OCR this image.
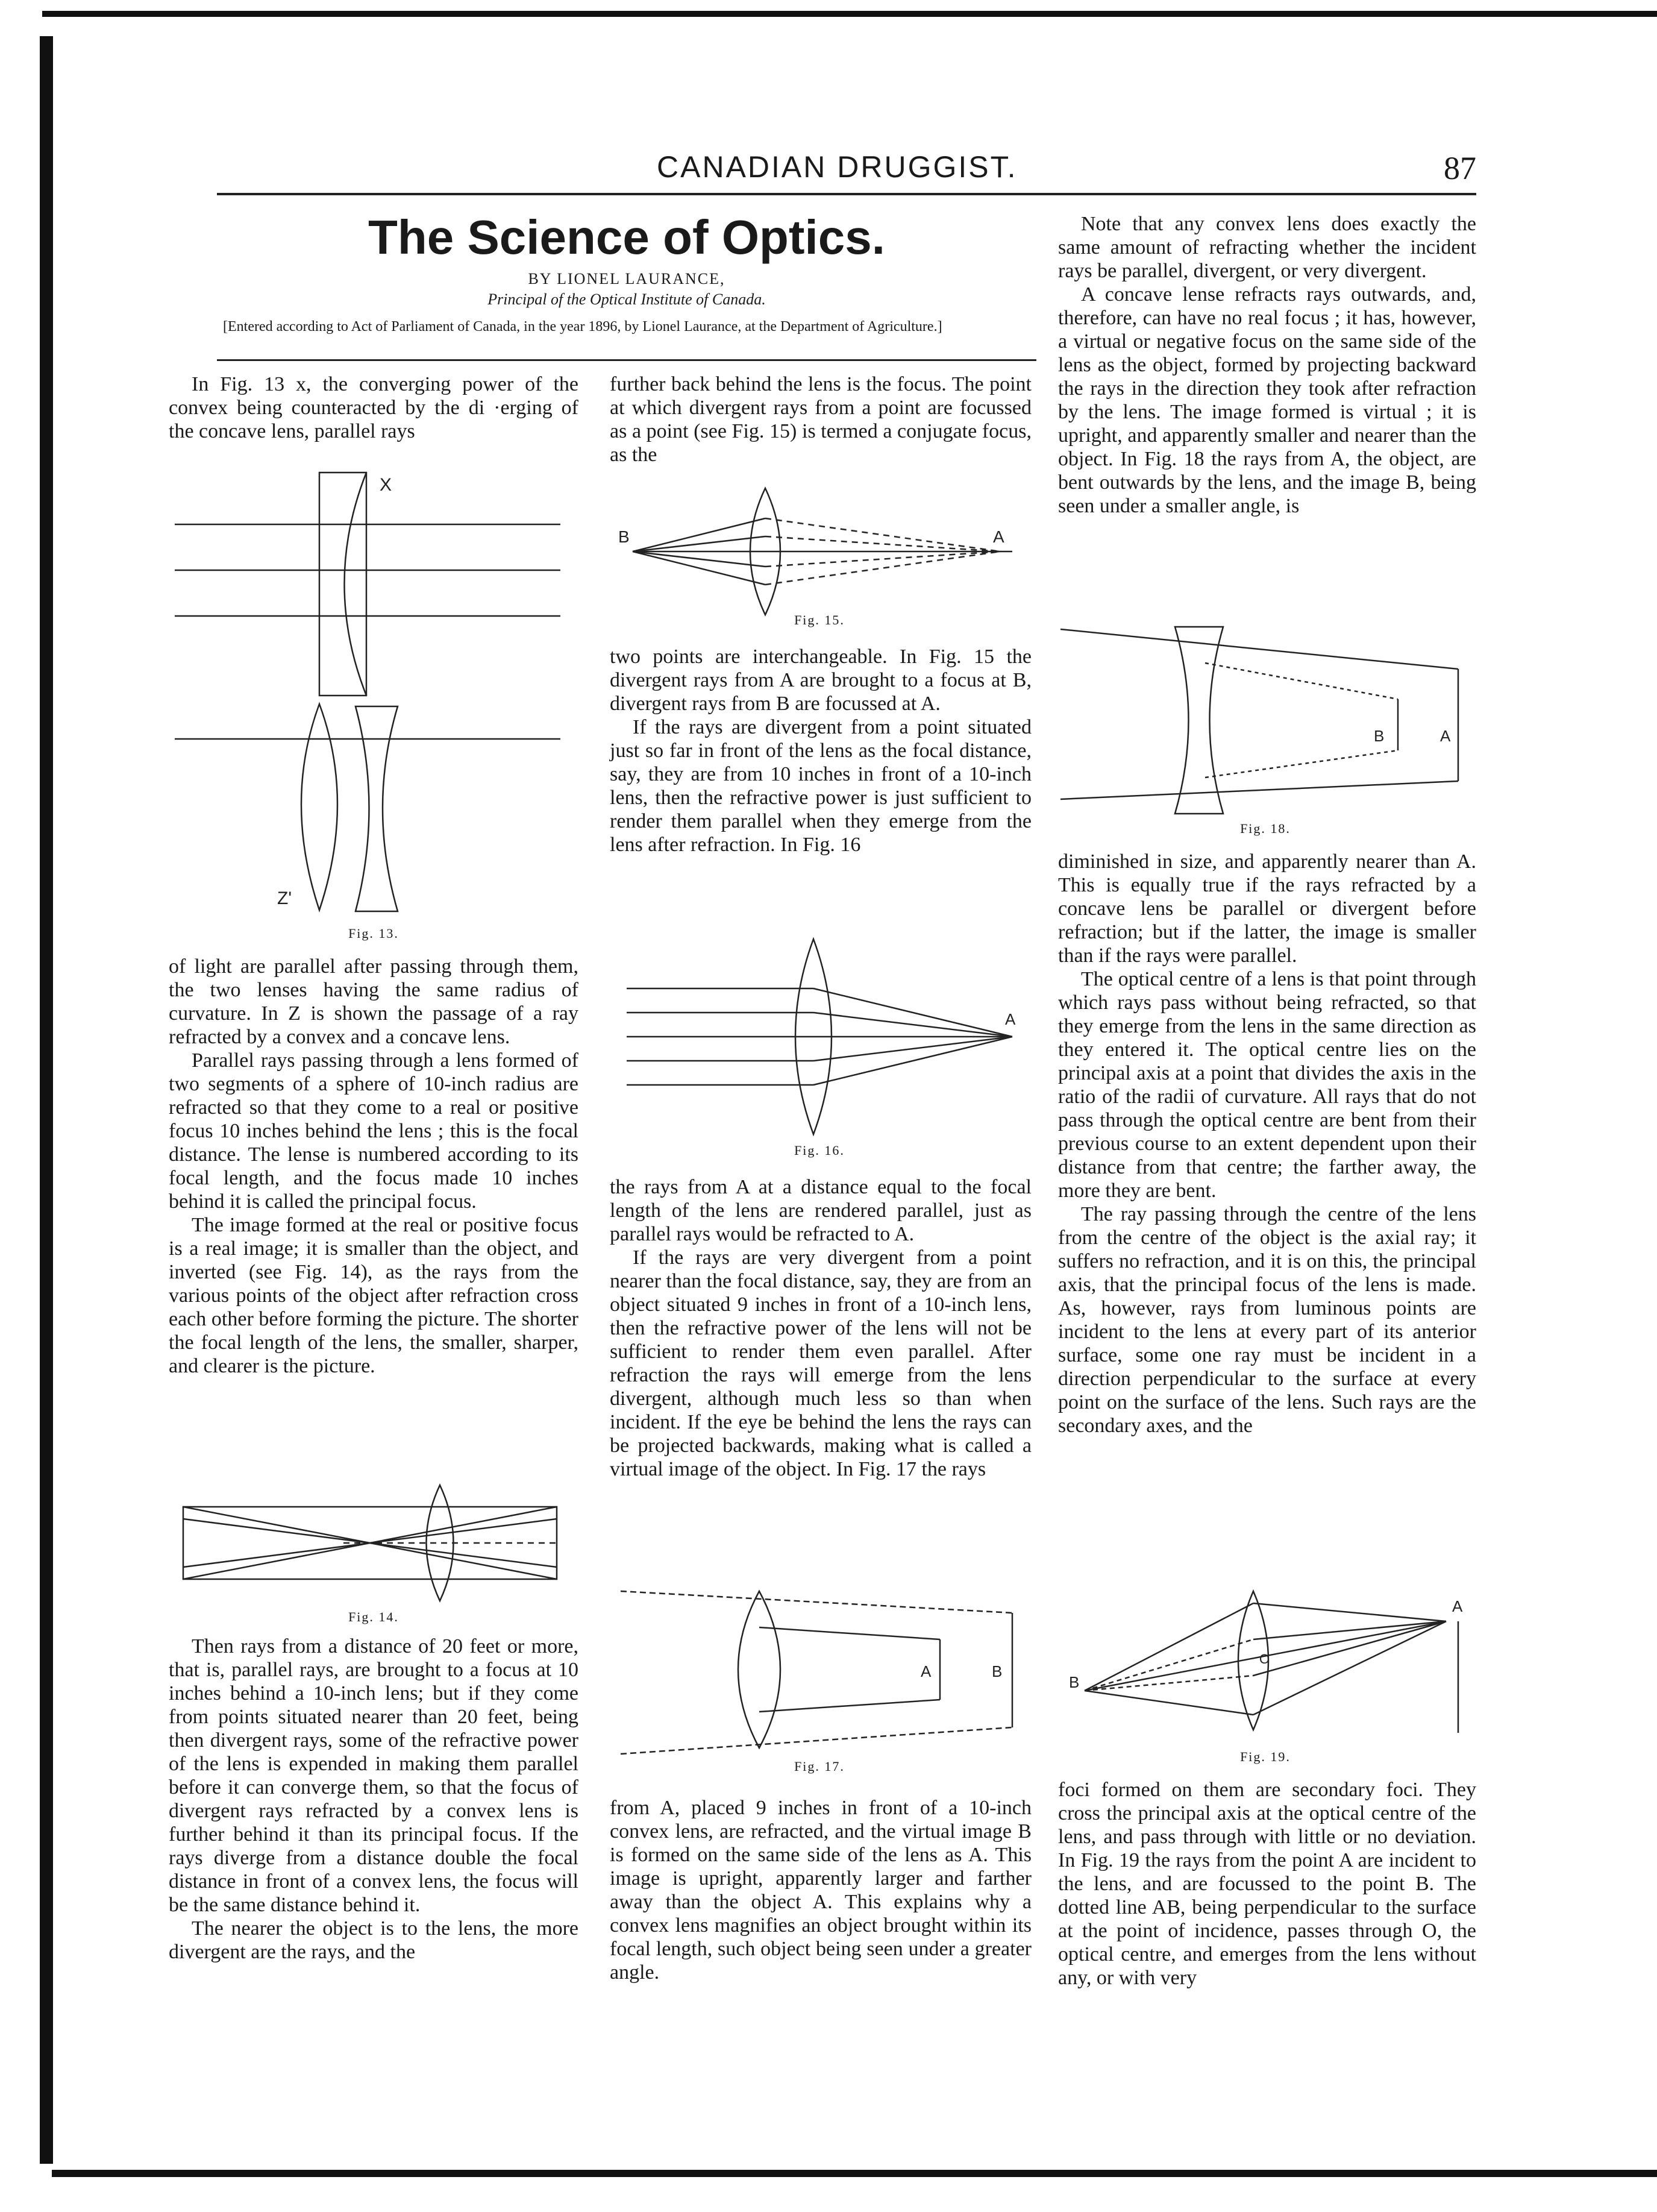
CANADIAN DRUGGIST.	87
The Science of Optics.
BY LIONEL LAURANCE,
Principal of the Optical Institute of Canada.
[Entered according to Act of Parliament of Canada, in the year 1896, by Lionel Laurance, at the Department of Agriculture.]

In Fig. 13 x, the converging power of the convex being counteracted by the di ·erging of the concave lens, parallel rays

X
Z'
Fig. 13.

of light are parallel after passing through them, the two lenses having the same radius of curvature. In Z is shown the passage of a ray refracted by a convex and a concave lens.

Parallel rays passing through a lens formed of two segments of a sphere of 10-inch radius are refracted so that they come to a real or positive focus 10 inches behind the lens ; this is the focal distance. The lense is numbered according to its focal length, and the focus made 10 inches behind it is called the principal focus.

The image formed at the real or positive focus is a real image; it is smaller than the object, and inverted (see Fig. 14), as the rays from the various points of the object after refraction cross each other before forming the picture. The shorter the focal length of the lens, the smaller, sharper, and clearer is the picture.

Fig. 14.

Then rays from a distance of 20 feet or more, that is, parallel rays, are brought to a focus at 10 inches behind a 10-inch lens; but if they come from points situated nearer than 20 feet, being then divergent rays, some of the refractive power of the lens is expended in making them parallel before it can converge them, so that the focus of divergent rays refracted by a convex lens is further behind it than its principal focus. If the rays diverge from a distance double the focal distance in front of a convex lens, the focus will be the same distance behind it.

The nearer the object is to the lens, the more divergent are the rays, and the

further back behind the lens is the focus. The point at which divergent rays from a point are focussed as a point (see Fig. 15) is termed a conjugate focus, as the

B	A
Fig. 15.

two points are interchangeable. In Fig. 15 the divergent rays from A are brought to a focus at B, divergent rays from B are focussed at A.

If the rays are divergent from a point situated just so far in front of the lens as the focal distance, say, they are from 10 inches in front of a 10-inch lens, then the refractive power is just sufficient to render them parallel when they emerge from the lens after refraction. In Fig. 16

A
Fig. 16.

the rays from A at a distance equal to the focal length of the lens are rendered parallel, just as parallel rays would be refracted to A.

If the rays are very divergent from a point nearer than the focal distance, say, they are from an object situated 9 inches in front of a 10-inch lens, then the refractive power of the lens will not be sufficient to render them even parallel. After refraction the rays will emerge from the lens divergent, although much less so than when incident. If the eye be behind the lens the rays can be projected backwards, making what is called a virtual image of the object. In Fig. 17 the rays

A	B
Fig. 17.

from A, placed 9 inches in front of a 10-inch convex lens, are refracted, and the virtual image B is formed on the same side of the lens as A. This image is upright, apparently larger and farther away than the object A. This explains why a convex lens magnifies an object brought within its focal length, such object being seen under a greater angle.

Note that any convex lens does exactly the same amount of refracting whether the incident rays be parallel, divergent, or very divergent.

A concave lense refracts rays outwards, and, therefore, can have no real focus ; it has, however, a virtual or negative focus on the same side of the lens as the object, formed by projecting backward the rays in the direction they took after refraction by the lens. The image formed is virtual ; it is upright, and apparently smaller and nearer than the object. In Fig. 18 the rays from A, the object, are bent outwards by the lens, and the image B, being seen under a smaller angle, is

B	A
Fig. 18.

diminished in size, and apparently nearer than A. This is equally true if the rays refracted by a concave lens be parallel or divergent before refraction; but if the latter, the image is smaller than if the rays were parallel.

The optical centre of a lens is that point through which rays pass without being refracted, so that they emerge from the lens in the same direction as they entered it. The optical centre lies on the principal axis at a point that divides the axis in the ratio of the radii of curvature. All rays that do not pass through the optical centre are bent from their previous course to an extent dependent upon their distance from that centre; the farther away, the more they are bent.

The ray passing through the centre of the lens from the centre of the object is the axial ray; it suffers no refraction, and it is on this, the principal axis, that the principal focus of the lens is made. As, however, rays from luminous points are incident to the lens at every part of its anterior surface, some one ray must be incident in a direction perpendicular to the surface at every point on the surface of the lens. Such rays are the secondary axes, and the

A
B
O
Fig. 19.

foci formed on them are secondary foci. They cross the principal axis at the optical centre of the lens, and pass through with little or no deviation. In Fig. 19 the rays from the point A are incident to the lens, and are focussed to the point B. The dotted line AB, being perpendicular to the surface at the point of incidence, passes through O, the optical centre, and emerges from the lens without any, or with very
